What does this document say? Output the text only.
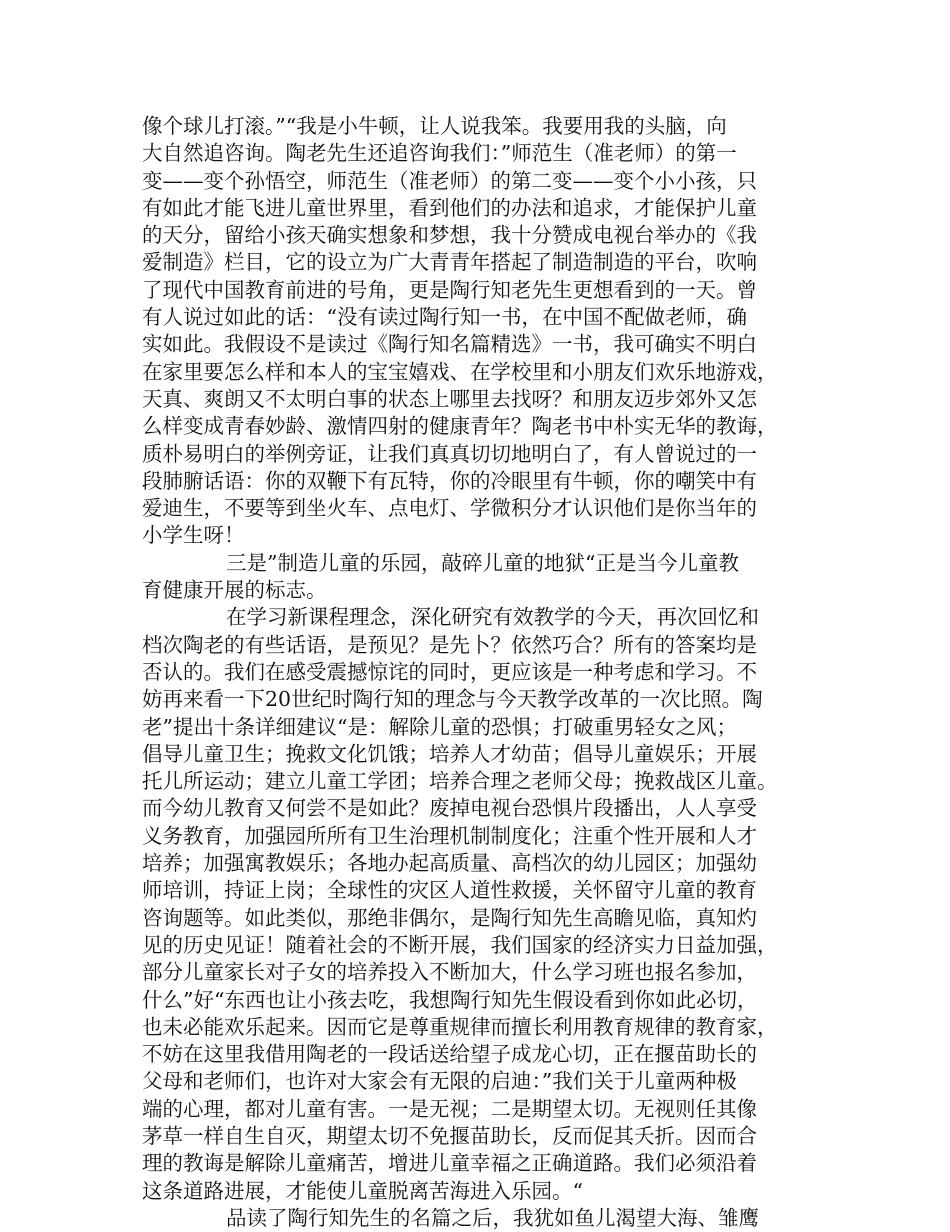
像个球儿打滚。”“我是小牛顿，让人说我笨。我要用我的头脑，向
大自然追咨询。陶老先生还追咨询我们：”师范生（准老师）的第一
变——变个孙悟空，师范生（准老师）的第二变——变个小小孩，只
有如此才能飞进儿童世界里，看到他们的办法和追求，才能保护儿童
的天分，留给小孩天确实想象和梦想，我十分赞成电视台举办的《我
爱制造》栏目，它的设立为广大青青年搭起了制造制造的平台，吹响
了现代中国教育前进的号角，更是陶行知老先生更想看到的一天。曾
有人说过如此的话：“没有读过陶行知一书，在中国不配做老师，确
实如此。我假设不是读过《陶行知名篇精选》一书，我可确实不明白
在家里要怎么样和本人的宝宝嬉戏、在学校里和小朋友们欢乐地游戏，
天真、爽朗又不太明白事的状态上哪里去找呀？和朋友迈步郊外又怎
么样变成青春妙龄、激情四射的健康青年？陶老书中朴实无华的教诲，
质朴易明白的举例旁证，让我们真真切切地明白了，有人曾说过的一
段肺腑话语：你的双鞭下有瓦特，你的冷眼里有牛顿，你的嘲笑中有
爱迪生，不要等到坐火车、点电灯、学微积分才认识他们是你当年的
小学生呀！
三是”制造儿童的乐园，敲碎儿童的地狱“正是当今儿童教
育健康开展的标志。
在学习新课程理念，深化研究有效教学的今天，再次回忆和
档次陶老的有些话语，是预见？是先卜？依然巧合？所有的答案均是
否认的。我们在感受震撼惊诧的同时，更应该是一种考虑和学习。不
妨再来看一下20世纪时陶行知的理念与今天教学改革的一次比照。陶
老”提出十条详细建议“是：解除儿童的恐惧；打破重男轻女之风；
倡导儿童卫生；挽救文化饥饿；培养人才幼苗；倡导儿童娱乐；开展
托儿所运动；建立儿童工学团；培养合理之老师父母；挽救战区儿童。
而今幼儿教育又何尝不是如此？废掉电视台恐惧片段播出，人人享受
义务教育，加强园所所有卫生治理机制制度化；注重个性开展和人才
培养；加强寓教娱乐；各地办起高质量、高档次的幼儿园区；加强幼
师培训，持证上岗；全球性的灾区人道性救援，关怀留守儿童的教育
咨询题等。如此类似，那绝非偶尔，是陶行知先生高瞻见临，真知灼
见的历史见证！随着社会的不断开展，我们国家的经济实力日益加强，
部分儿童家长对子女的培养投入不断加大，什么学习班也报名参加，
什么”好“东西也让小孩去吃，我想陶行知先生假设看到你如此必切，
也未必能欢乐起来。因而它是尊重规律而擅长利用教育规律的教育家，
不妨在这里我借用陶老的一段话送给望子成龙心切，正在揠苗助长的
父母和老师们，也许对大家会有无限的启迪：”我们关于儿童两种极
端的心理，都对儿童有害。一是无视；二是期望太切。无视则任其像
茅草一样自生自灭，期望太切不免揠苗助长，反而促其夭折。因而合
理的教诲是解除儿童痛苦，增进儿童幸福之正确道路。我们必须沿着
这条道路进展，才能使儿童脱离苦海进入乐园。“
品读了陶行知先生的名篇之后，我犹如鱼儿渴望大海、雏鹰
